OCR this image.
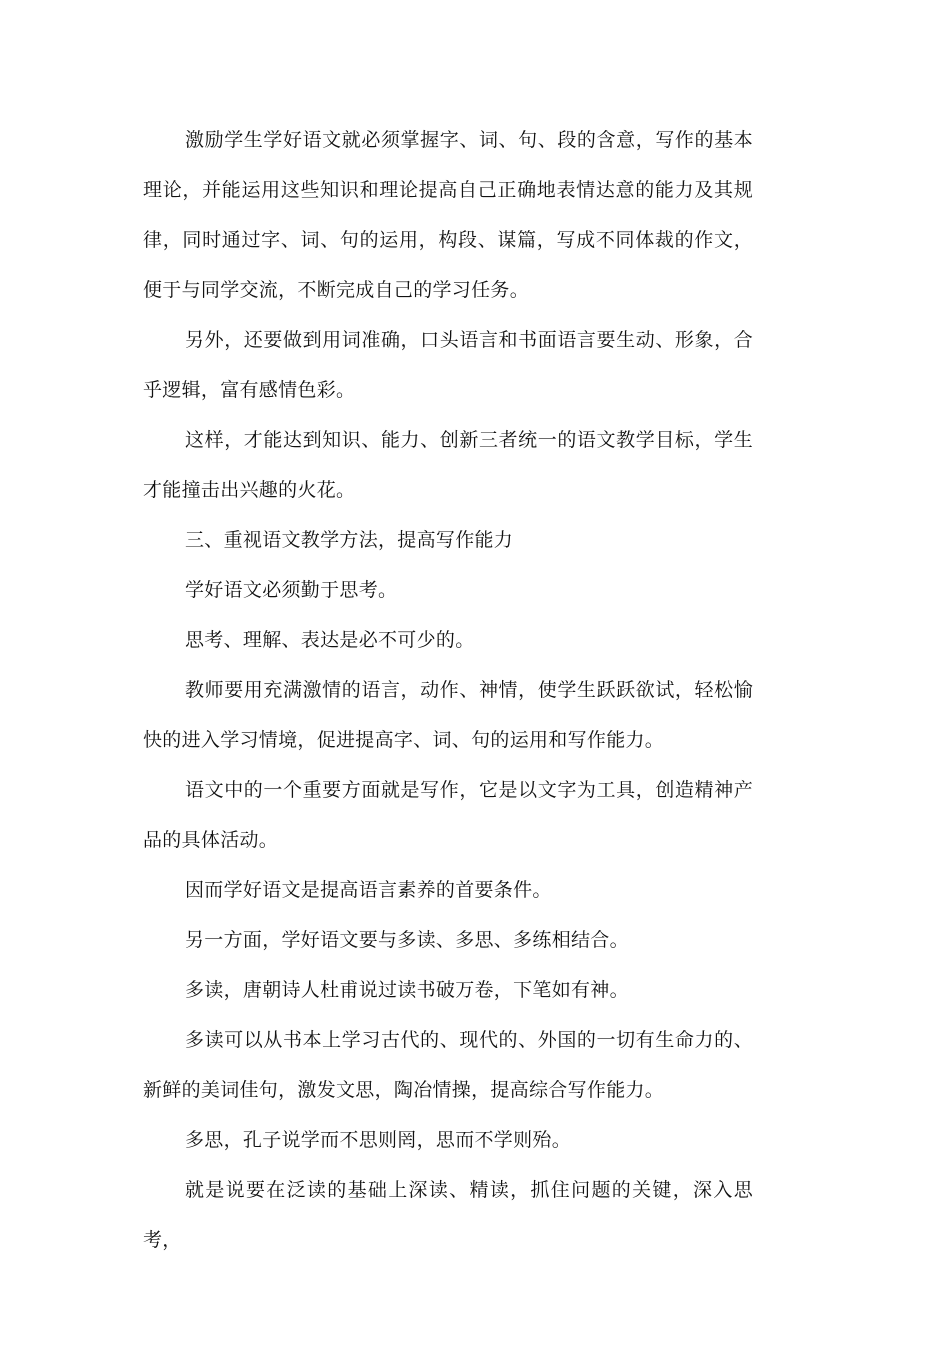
激励学生学好语文就必须掌握字、词、句、段的含意，写作的基本理论，并能运用这些知识和理论提高自己正确地表情达意的能力及其规律，同时通过字、词、句的运用，构段、谋篇，写成不同体裁的作文，便于与同学交流，不断完成自己的学习任务。

另外，还要做到用词准确，口头语言和书面语言要生动、形象，合乎逻辑，富有感情色彩。

这样，才能达到知识、能力、创新三者统一的语文教学目标，学生才能撞击出兴趣的火花。

三、重视语文教学方法，提高写作能力

学好语文必须勤于思考。

思考、理解、表达是必不可少的。

教师要用充满激情的语言，动作、神情，使学生跃跃欲试，轻松愉快的进入学习情境，促进提高字、词、句的运用和写作能力。

语文中的一个重要方面就是写作，它是以文字为工具，创造精神产品的具体活动。

因而学好语文是提高语言素养的首要条件。

另一方面，学好语文要与多读、多思、多练相结合。

多读，唐朝诗人杜甫说过读书破万卷，下笔如有神。

多读可以从书本上学习古代的、现代的、外国的一切有生命力的、新鲜的美词佳句，激发文思，陶冶情操，提高综合写作能力。

多思，孔子说学而不思则罔，思而不学则殆。

就是说要在泛读的基础上深读、精读，抓住问题的关键，深入思考，
